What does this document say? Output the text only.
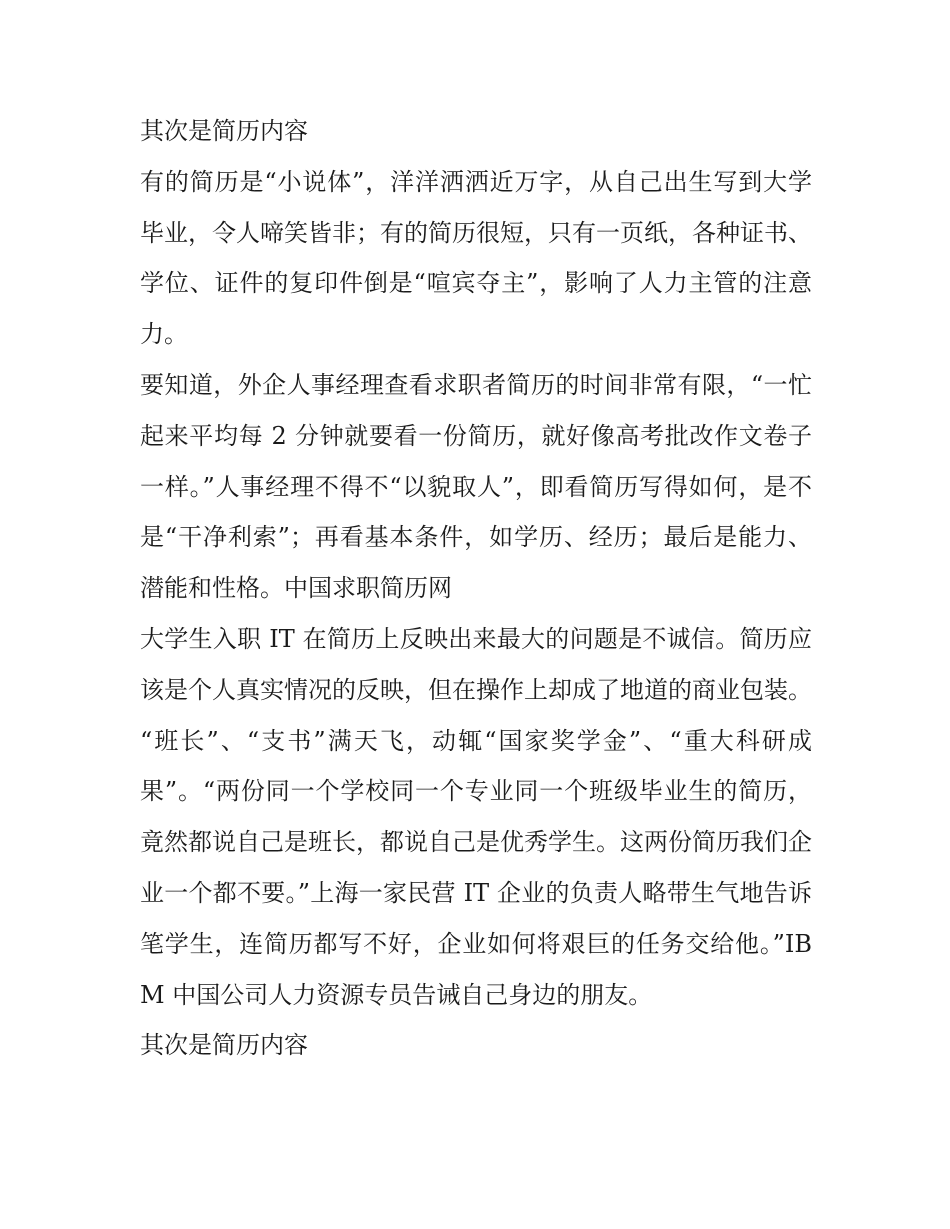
其次是简历内容

有的简历是“小说体”，洋洋洒洒近万字，从自己出生写到大学毕业，令人啼笑皆非；有的简历很短，只有一页纸，各种证书、学位、证件的复印件倒是“喧宾夺主”，影响了人力主管的注意力。

要知道，外企人事经理查看求职者简历的时间非常有限，“一忙起来平均每 2 分钟就要看一份简历，就好像高考批改作文卷子一样。”人事经理不得不“以貌取人”，即看简历写得如何，是不是“干净利索”；再看基本条件，如学历、经历；最后是能力、潜能和性格。中国求职简历网

大学生入职 IT 在简历上反映出来最大的问题是不诚信。简历应该是个人真实情况的反映，但在操作上却成了地道的商业包装。

“班长”、“支书”满天飞，动辄“国家奖学金”、“重大科研成果”。“两份同一个学校同一个专业同一个班级毕业生的简历，竟然都说自己是班长，都说自己是优秀学生。这两份简历我们企业一个都不要。”上海一家民营 IT 企业的负责人略带生气地告诉笔学生，连简历都写不好，企业如何将艰巨的任务交给他。”IBM 中国公司人力资源专员告诫自己身边的朋友。

其次是简历内容
